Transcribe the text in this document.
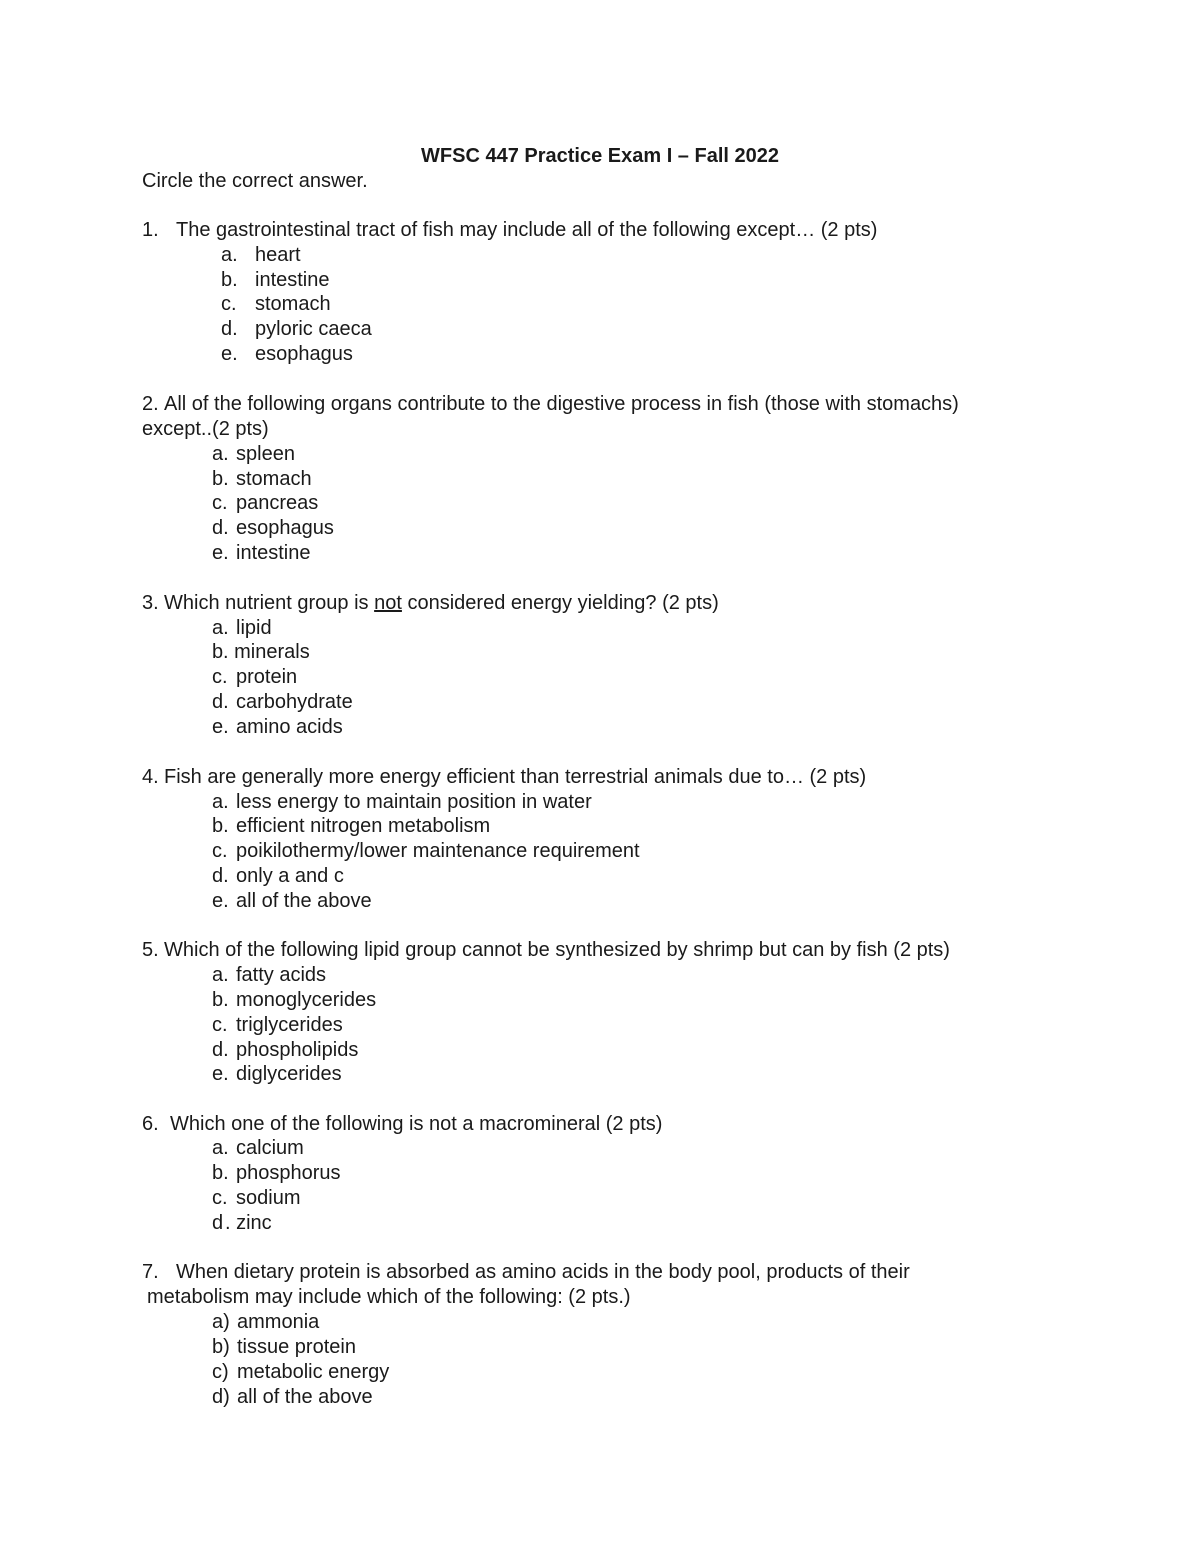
WFSC 447 Practice Exam I – Fall 2022
Circle the correct answer.
1. The gastrointestinal tract of fish may include all of the following except… (2 pts)
a. heart
b. intestine
c. stomach
d. pyloric caeca
e. esophagus
2. All of the following organs contribute to the digestive process in fish (those with stomachs)
except..(2 pts)
a. spleen
b. stomach
c. pancreas
d. esophagus
e. intestine
3. Which nutrient group is not considered energy yielding? (2 pts)
a. lipid
b . minerals
c. protein
d. carbohydrate
e. amino acids
4. Fish are generally more energy efficient than terrestrial animals due to… (2 pts)
a. less energy to maintain position in water
b. efficient nitrogen metabolism
c. poikilothermy/lower maintenance requirement
d. only a and c
e. all of the above
5. Which of the following lipid group cannot be synthesized by shrimp but can by fish (2 pts)
a. fatty acids
b. monoglycerides
c. triglycerides
d. phospholipids
e. diglycerides
6. Which one of the following is not a macromineral (2 pts)
a. calcium
b. phosphorus
c. sodium
d . zinc
7. When dietary protein is absorbed as amino acids in the body pool, products of their
metabolism may include which of the following: (2 pts.)
a) ammonia
b) tissue protein
c) metabolic energy
d) all of the above
